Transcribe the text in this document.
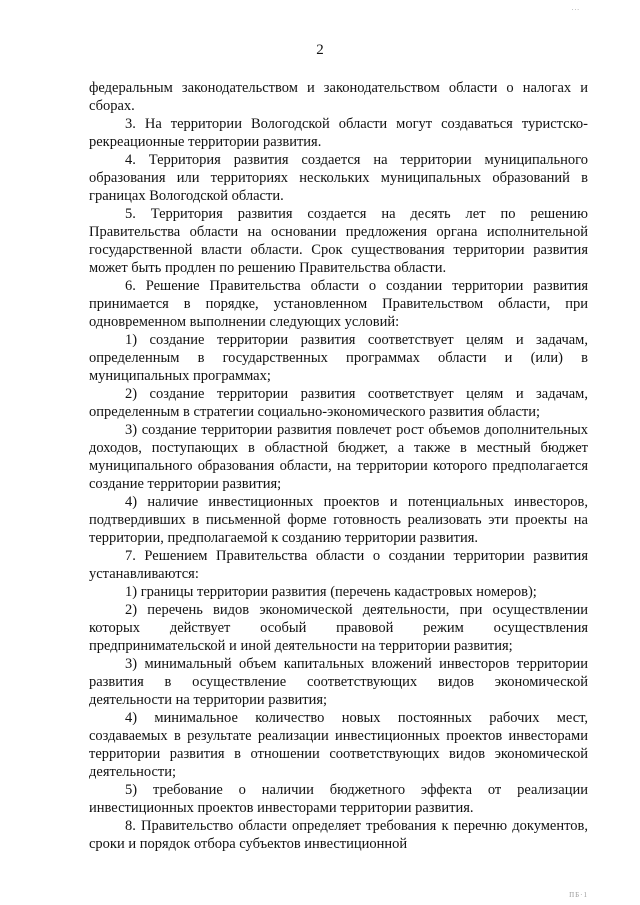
...
2

федеральным законодательством и законодательством области о налогах и сборах.

3. На территории Вологодской области могут создаваться туристско-рекреационные территории развития.

4. Территория развития создается на территории муниципального образования или территориях нескольких муниципальных образований в границах Вологодской области.

5. Территория развития создается на десять лет по решению Правительства области на основании предложения органа исполнительной государственной власти области. Срок существования территории развития может быть продлен по решению Правительства области.

6. Решение Правительства области о создании территории развития принимается в порядке, установленном Правительством области, при одновременном выполнении следующих условий:

1) создание территории развития соответствует целям и задачам, определенным в государственных программах области и (или) в муниципальных программах;

2) создание территории развития соответствует целям и задачам, определенным в стратегии социально-экономического развития области;

3) создание территории развития повлечет рост объемов дополнительных доходов, поступающих в областной бюджет, а также в местный бюджет муниципального образования области, на территории которого предполагается создание территории развития;

4) наличие инвестиционных проектов и потенциальных инвесторов, подтвердивших в письменной форме готовность реализовать эти проекты на территории, предполагаемой к созданию территории развития.

7. Решением Правительства области о создании территории развития устанавливаются:

1) границы территории развития (перечень кадастровых номеров);

2) перечень видов экономической деятельности, при осуществлении которых действует особый правовой режим осуществления предпринимательской и иной деятельности на территории развития;

3) минимальный объем капитальных вложений инвесторов территории развития в осуществление соответствующих видов экономической деятельности на территории развития;

4) минимальное количество новых постоянных рабочих мест, создаваемых в результате реализации инвестиционных проектов инвесторами территории развития в отношении соответствующих видов экономической деятельности;

5) требование о наличии бюджетного эффекта от реализации инвестиционных проектов инвесторами территории развития.

8. Правительство области определяет требования к перечню документов, сроки и порядок отбора субъектов инвестиционной

ПБ·1
